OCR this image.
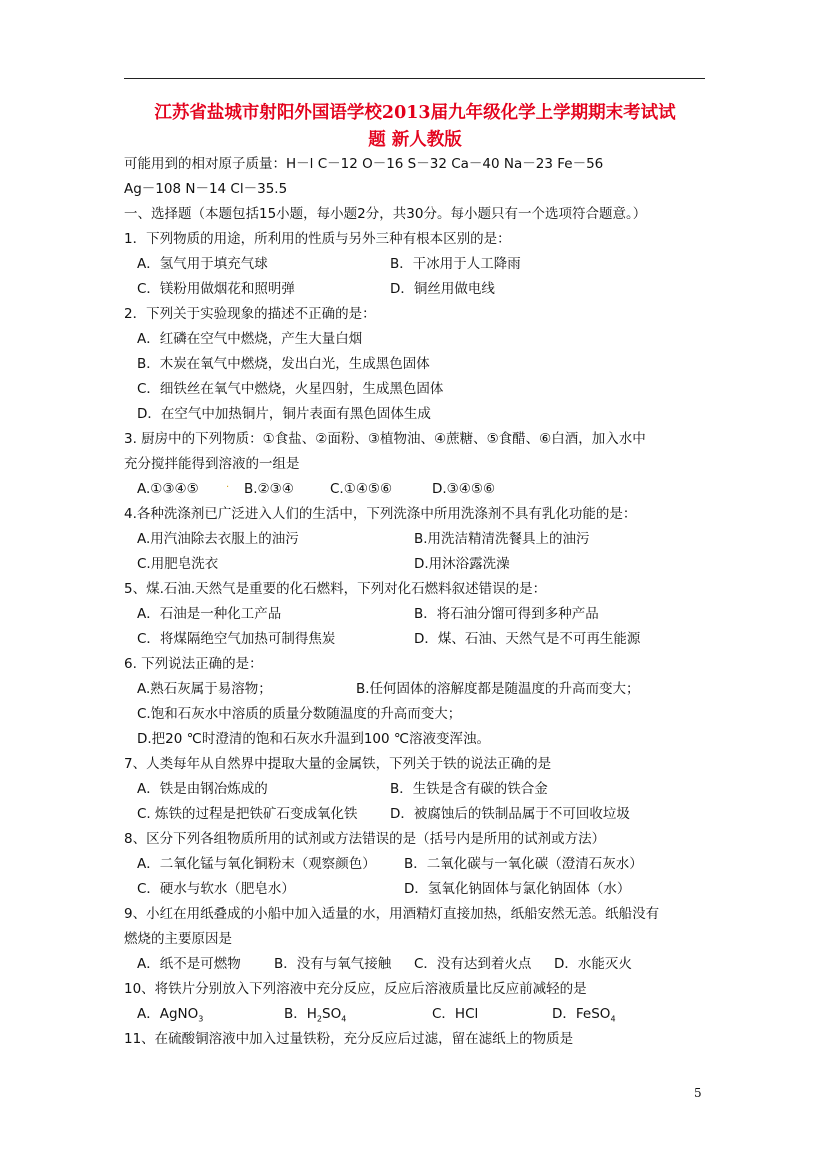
江苏省盐城市射阳外国语学校2013届九年级化学上学期期末考试试
题 新人教版
可能用到的相对原子质量：H－l C－12 O－16 S－32 Ca－40 Na－23 Fe－56
Ag－108 N－14 Cl－35.5
一、选择题（本题包括15小题，每小题2分，共30分。每小题只有一个选项符合题意。）
1．下列物质的用途，所利用的性质与另外三种有根本区别的是：
A．氢气用于填充气球	B．干冰用于人工降雨
C．镁粉用做烟花和照明弹	D．铜丝用做电线
2．下列关于实验现象的描述不正确的是：
A．红磷在空气中燃烧，产生大量白烟
B．木炭在氧气中燃烧，发出白光，生成黑色固体
C．细铁丝在氧气中燃烧，火星四射，生成黑色固体
D．在空气中加热铜片，铜片表面有黑色固体生成
3. 厨房中的下列物质：①食盐、②面粉、③植物油、④蔗糖、⑤食醋、⑥白酒，加入水中
充分搅拌能得到溶液的一组是
A.①③④⑤	. B.②③④	C.①④⑤⑥	D.③④⑤⑥
4.各种洗涤剂已广泛进入人们的生活中，下列洗涤中所用洗涤剂不具有乳化功能的是：
A.用汽油除去衣服上的油污	B.用洗洁精清洗餐具上的油污
C.用肥皂洗衣	D.用沐浴露洗澡
5、煤.石油.天然气是重要的化石燃料，下列对化石燃料叙述错误的是：
A．石油是一种化工产品	B．将石油分馏可得到多种产品
C．将煤隔绝空气加热可制得焦炭	D．煤、石油、天然气是不可再生能源
6. 下列说法正确的是：
A.熟石灰属于易溶物；	B.任何固体的溶解度都是随温度的升高而变大；
C.饱和石灰水中溶质的质量分数随温度的升高而变大；
D.把20 ℃时澄清的饱和石灰水升温到100 ℃溶液变浑浊。
7、人类每年从自然界中提取大量的金属铁，下列关于铁的说法正确的是
A．铁是由钢冶炼成的	B．生铁是含有碳的铁合金
C. 炼铁的过程是把铁矿石变成氧化铁 D．被腐蚀后的铁制品属于不可回收垃圾
8、区分下列各组物质所用的试剂或方法错误的是（括号内是所用的试剂或方法）
A．二氧化锰与氧化铜粉末（观察颜色） B．二氧化碳与一氧化碳（澄清石灰水）
C．硬水与软水（肥皂水）	D．氢氧化钠固体与氯化钠固体（水）
9、小红在用纸叠成的小船中加入适量的水，用酒精灯直接加热，纸船安然无恙。纸船没有
燃烧的主要原因是
A．纸不是可燃物 B．没有与氧气接触 C．没有达到着火点 D．水能灭火
10、将铁片分别放入下列溶液中充分反应，反应后溶液质量比反应前减轻的是
A．AgNO$_3$	B．$H_2SO_4$	C．HCl	D．FeSO$_4$
11、在硫酸铜溶液中加入过量铁粉，充分反应后过滤，留在滤纸上的物质是
5
